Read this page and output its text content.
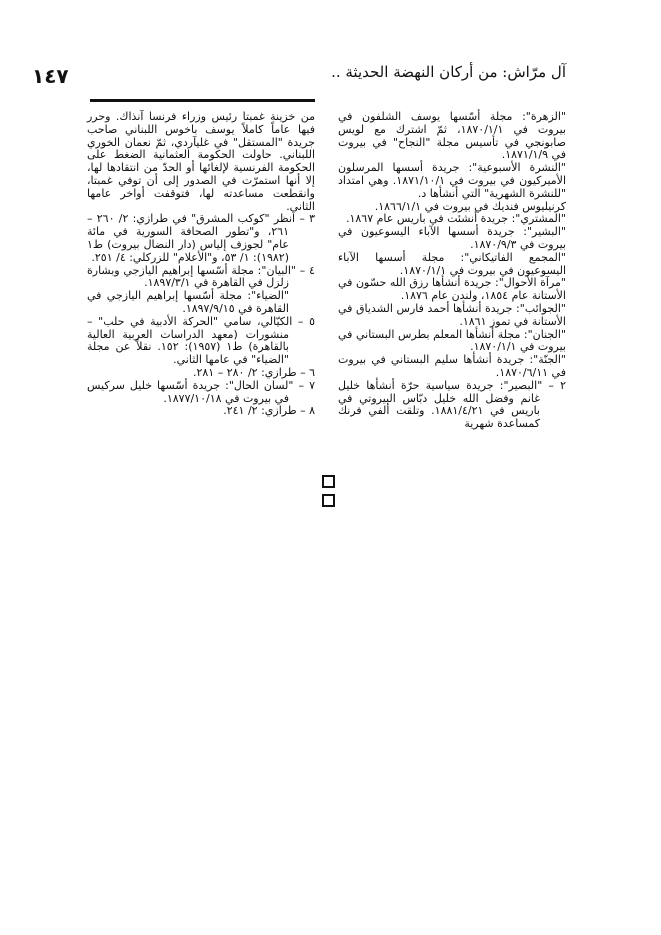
آل مرّاش: من أركان النهضة الحديثة ..
١٤٧

"الزهرة": مجلة أسّسها يوسف الشلفون في بيروت في ١٨٧٠/١/١، ثمّ اشترك مع لويس صابونجي في تأسيس مجلة "النجاح" في بيروت في ١٨٧١/١/٩.

"النشرة الأسبوعية": جريدة أسسها المرسلون الأميركيون في بيروت في ١٨٧١/١٠/١. وهي امتداد "للنشرة الشهرية" التي أنشأها د.

كرنيليوس فنديك في بيروت في ١٨٦٦/١/١.

"المشتري": جريدة أنشئت في باريس عام ١٨٦٧.

"البشير": جريدة أسسها الآباء اليسوعيون في بيروت في ١٨٧٠/٩/٣.

"المجمع الفاتيكاني": مجلة أسسها الآباء اليسوعيون في بيروت في ١٨٧٠/١/١.

"مرآة الأحوال": جريدة أنشأها رزق الله حسّون في الأستانة عام ١٨٥٤، ولندن عام ١٨٧٦.

"الجوائب": جريدة أنشأها أحمد فارس الشدياق في الأستانة في تموز ١٨٦١.

"الجنان": مجلة أنشأها المعلم بطرس البستاني في بيروت في ١٨٧٠/١/١.

"الجنّة": جريدة أنشأها سليم البستاني في بيروت في ١٨٧٠/٦/١١.

٢ – "البصير": جريدة سياسية حرّة أنشأها خليل غانم وفضل الله خليل دبّاس البيروتي في باريس في ١٨٨١/٤/٢١. وتلقت ألفي فرنك كمساعدة شهرية

من خزينة غمبتا رئيس وزراء فرنسا آنذاك. وحرر فيها عاماً كاملاً يوسف باخوس اللبناني صاحب جريدة "المستقل" في غليآردي، ثمّ نعمان الخوري اللبناني. حاولت الحكومة العثمانية الضغط على الحكومة الفرنسية لإلغائها أو الحدّ من انتقادها لها، إلا أنها استمرّت في الصدور إلى أن توفي غمبتا، وانقطعت مساعدته لها، فتوقفت أواخر عامها الثاني.

٣ – انظر "كوكب المشرق" في طرازي: ٢/ ٢٦٠ – ٢٦١، و"تطور الصحافة السورية في مائة عام" لجوزف إلياس (دار النضال بيروت) ط١ (١٩٨٢): ١/ ٥٣، و"الأعلام" للزركلي: ٤/ ٢٥١.

٤ – "البيان": مجلة أسّسها إبراهيم اليازجي وبشارة زلزل في القاهرة في ١٨٩٧/٣/١.

"الضياء": مجلة أسّسها إبراهيم اليازجي في القاهرة في ١٨٩٧/٩/١٥.

٥ – الكيّالي، سامي "الحركة الأدبية في حلب" – منشورات (معهد الدراسات العربية العالية بالقاهرة) ط١ (١٩٥٧): ١٥٢. نقلاً عن مجلة "الضياء" في عامها الثاني.

٦ – طرازي: ٢/ ٢٨٠ – ٢٨١.

٧ – "لسان الحال": جريدة أسّسها خليل سركيس في بيروت في ١٨٧٧/١٠/١٨.

٨ – طرازي: ٢/ ٢٤١.
